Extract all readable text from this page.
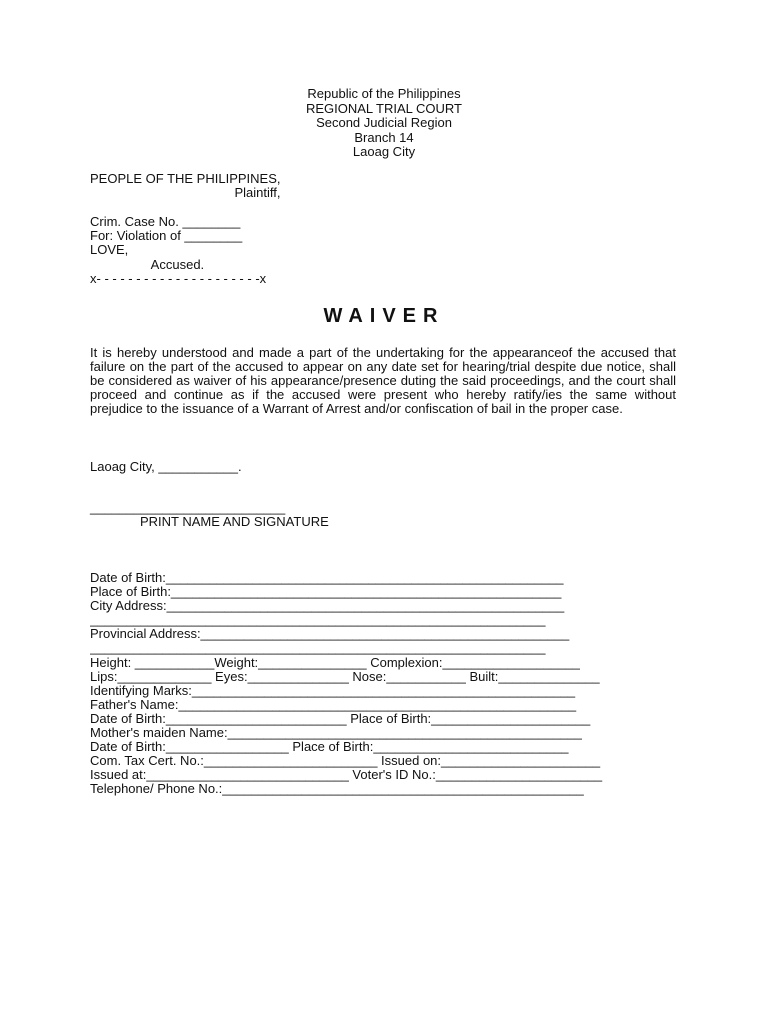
Republic of the Philippines
REGIONAL TRIAL COURT
Second Judicial Region
Branch 14
Laoag City
PEOPLE OF THE PHILIPPINES,
Plaintiff,
Crim. Case No. ________
For: Violation of ________
LOVE,
Accused.
x- - - - - - - - - - - - - - - - - - - - -x
WAIVER
It is hereby understood and made a part of the undertaking for the appearanceof the accused that failure on the part of the accused to appear on any date set for hearing/trial despite due notice, shall be considered as waiver of his appearance/presence duting the said proceedings, and the court shall proceed and continue as if the accused were present who hereby ratify/ies the same without prejudice to the issuance of a Warrant of Arrest and/or confiscation of bail in the proper case.
Laoag City, ___________.
___________________________
PRINT NAME AND SIGNATURE
Date of Birth:_______________________________________________________
Place of Birth:______________________________________________________
City Address:_______________________________________________________
_______________________________________________________________
Provincial Address:___________________________________________________
_______________________________________________________________
Height: ___________Weight:_______________ Complexion:___________________
Lips:_____________ Eyes:______________ Nose:___________ Built:______________
Identifying Marks:_____________________________________________________
Father's Name:_______________________________________________________
Date of Birth:_________________________ Place of Birth:______________________
Mother's maiden Name:_________________________________________________
Date of Birth:_________________ Place of Birth:___________________________
Com. Tax Cert. No.:________________________ Issued on:______________________
Issued at:____________________________ Voter's ID No.:_______________________
Telephone/ Phone No.:__________________________________________________
